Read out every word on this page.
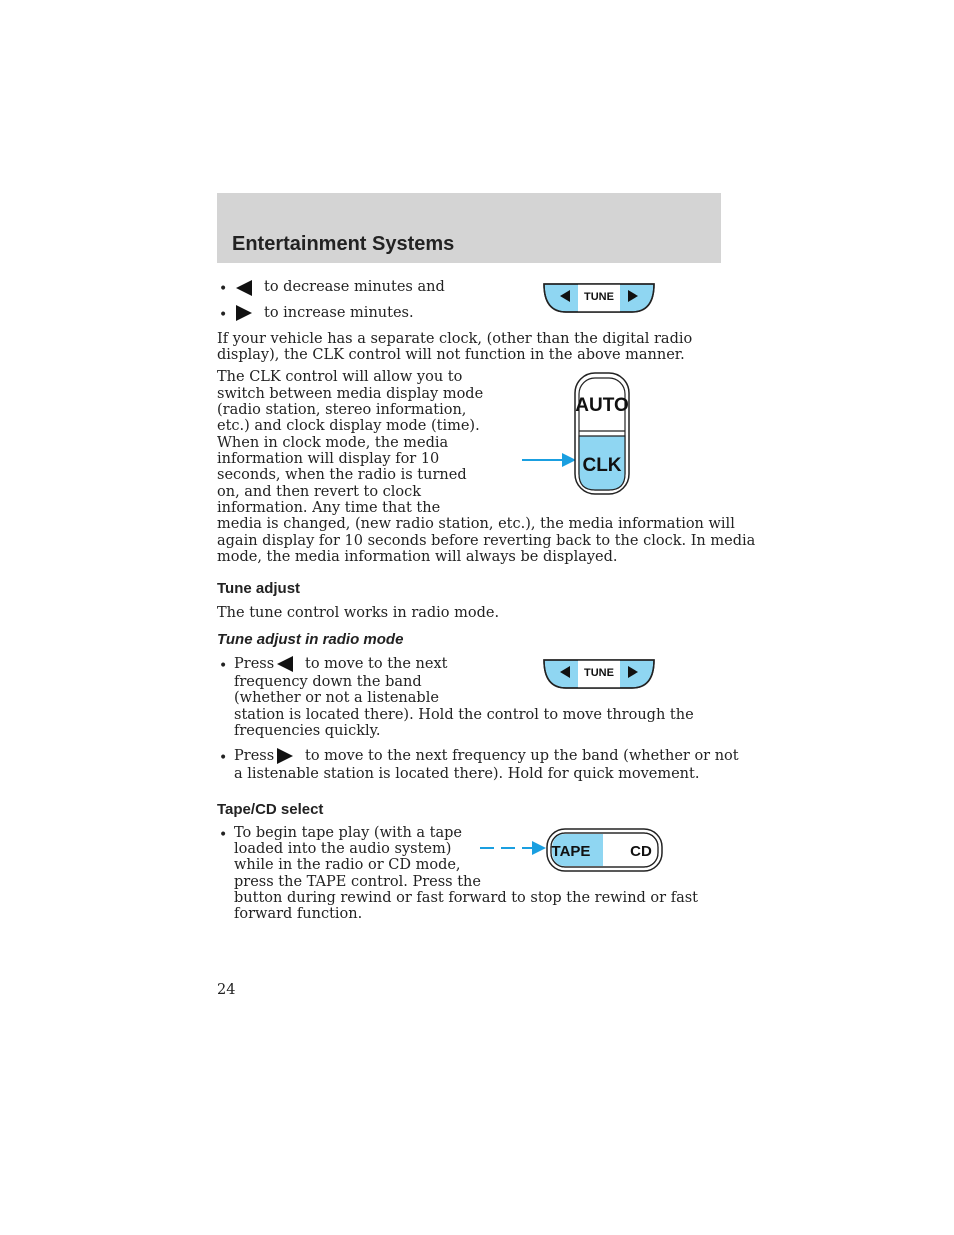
Entertainment Systems
•	to decrease minutes and
•	to increase minutes.
TUNE
If your vehicle has a separate clock, (other than the digital radio
display), the CLK control will not function in the above manner.
The CLK control will allow you to
switch between media display mode
(radio station, stereo information,
etc.) and clock display mode (time).
When in clock mode, the media
information will display for 10
seconds, when the radio is turned
on, and then revert to clock
information. Any time that the
media is changed, (new radio station, etc.), the media information will
again display for 10 seconds before reverting back to the clock. In media
mode, the media information will always be displayed.
AUTO
CLK
Tune adjust
The tune control works in radio mode.
Tune adjust in radio mode
• Press to move to the next
frequency down the band
(whether or not a listenable
station is located there). Hold the control to move through the
frequencies quickly.
TUNE
• Press to move to the next frequency up the band (whether or not
a listenable station is located there). Hold for quick movement.
Tape/CD select
• To begin tape play (with a tape
loaded into the audio system)
while in the radio or CD mode,
press the TAPE control. Press the
button during rewind or fast forward to stop the rewind or fast
forward function.
TAPE	CD
24
